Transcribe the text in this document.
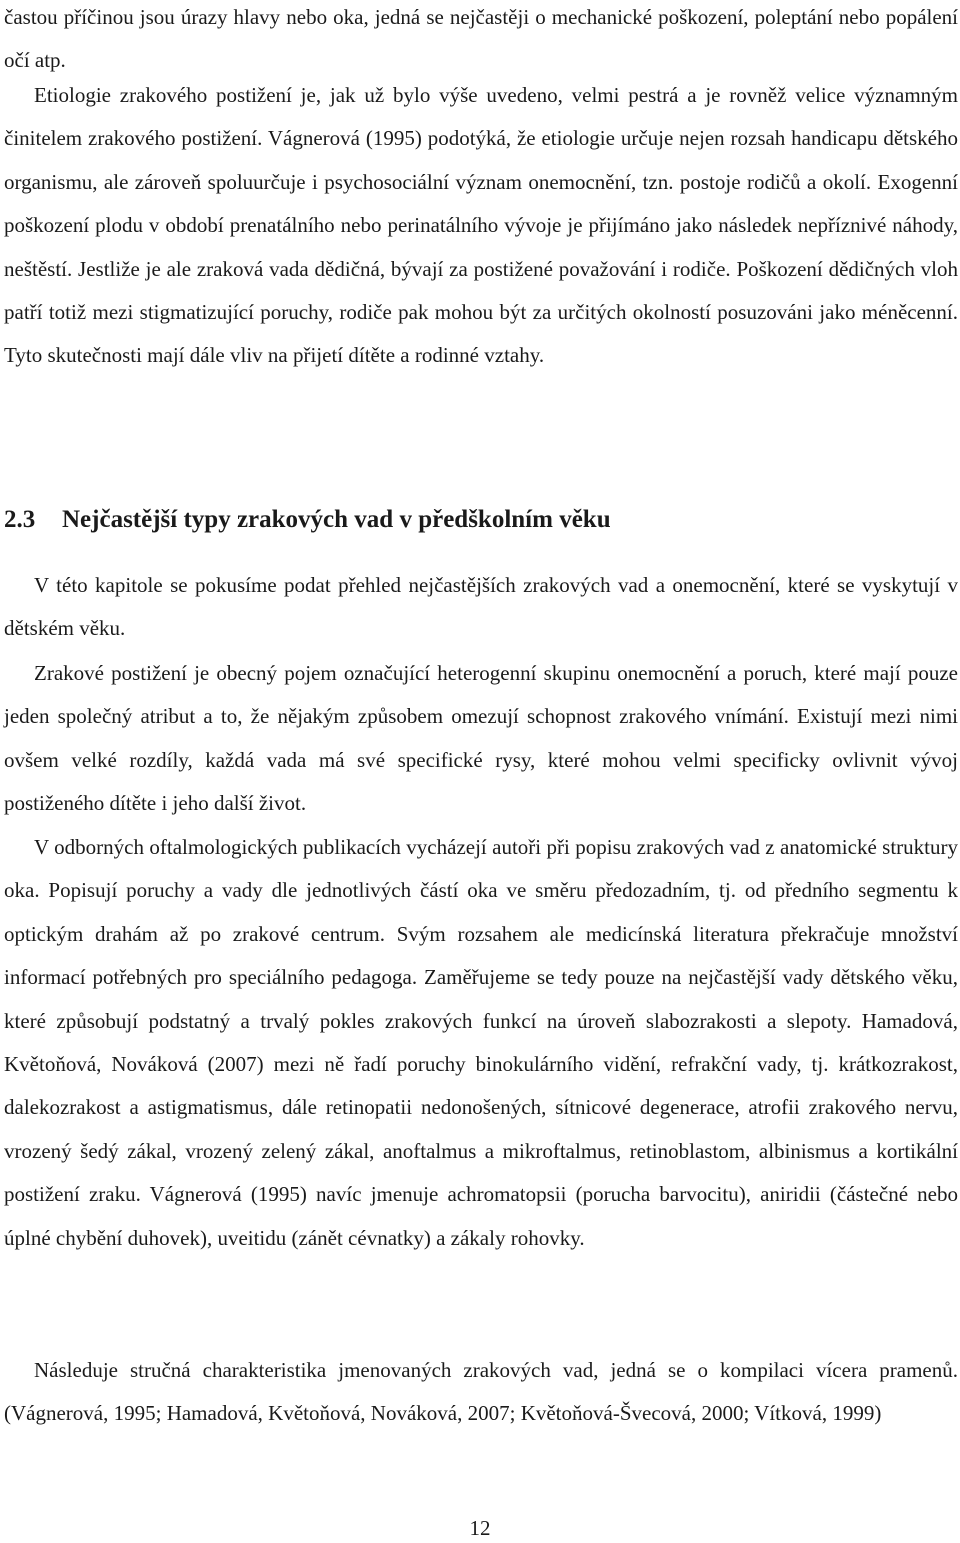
častou příčinou jsou úrazy hlavy nebo oka, jedná se nejčastěji o mechanické poškození, poleptání nebo popálení očí atp.

Etiologie zrakového postižení je, jak už bylo výše uvedeno, velmi pestrá a je rovněž velice významným činitelem zrakového postižení. Vágnerová (1995) podotýká, že etiologie určuje nejen rozsah handicapu dětského organismu, ale zároveň spoluurčuje i psychosociální význam onemocnění, tzn. postoje rodičů a okolí. Exogenní poškození plodu v období prenatálního nebo perinatálního vývoje je přijímáno jako následek nepříznivé náhody, neštěstí. Jestliže je ale zraková vada dědičná, bývají za postižené považování i rodiče. Poškození dědičných vloh patří totiž mezi stigmatizující poruchy, rodiče pak mohou být za určitých okolností posuzováni jako méněcenní. Tyto skutečnosti mají dále vliv na přijetí dítěte a rodinné vztahy.

2.3 Nejčastější typy zrakových vad v předškolním věku

V této kapitole se pokusíme podat přehled nejčastějších zrakových vad a onemocnění, které se vyskytují v dětském věku.

Zrakové postižení je obecný pojem označující heterogenní skupinu onemocnění a poruch, které mají pouze jeden společný atribut a to, že nějakým způsobem omezují schopnost zrakového vnímání. Existují mezi nimi ovšem velké rozdíly, každá vada má své specifické rysy, které mohou velmi specificky ovlivnit vývoj postiženého dítěte i jeho další život.

V odborných oftalmologických publikacích vycházejí autoři při popisu zrakových vad z anatomické struktury oka. Popisují poruchy a vady dle jednotlivých částí oka ve směru předozadním, tj. od předního segmentu k optickým drahám až po zrakové centrum. Svým rozsahem ale medicínská literatura překračuje množství informací potřebných pro speciálního pedagoga. Zaměřujeme se tedy pouze na nejčastější vady dětského věku, které způsobují podstatný a trvalý pokles zrakových funkcí na úroveň slabozrakosti a slepoty. Hamadová, Květoňová, Nováková (2007) mezi ně řadí poruchy binokulárního vidění, refrakční vady, tj. krátkozrakost, dalekozrakost a astigmatismus, dále retinopatii nedonošených, sítnicové degenerace, atrofii zrakového nervu, vrozený šedý zákal, vrozený zelený zákal, anoftalmus a mikroftalmus, retinoblastom, albinismus a kortikální postižení zraku. Vágnerová (1995) navíc jmenuje achromatopsii (porucha barvocitu), aniridii (částečné nebo úplné chybění duhovek), uveitidu (zánět cévnatky) a zákaly rohovky.

Následuje stručná charakteristika jmenovaných zrakových vad, jedná se o kompilaci vícera pramenů. (Vágnerová, 1995; Hamadová, Květoňová, Nováková, 2007; Květoňová-Švecová, 2000; Vítková, 1999)

12
